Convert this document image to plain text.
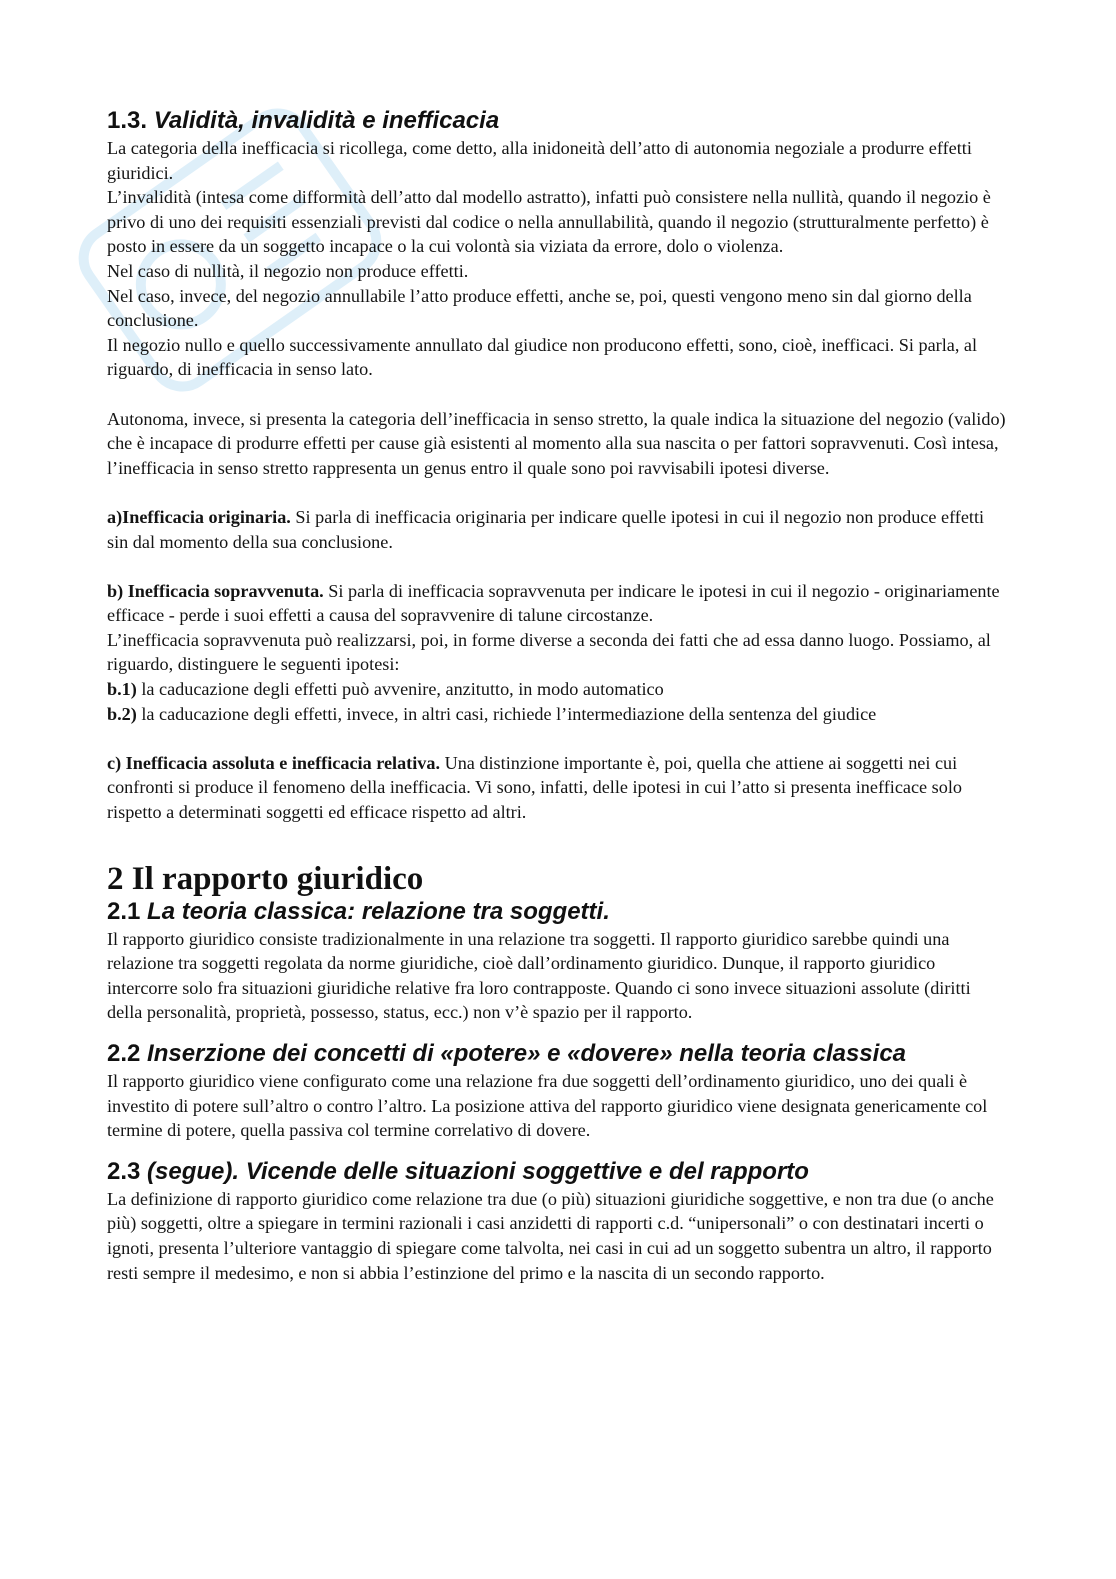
1.3. Validità, invalidità e inefficacia

La categoria della inefficacia si ricollega, come detto, alla inidoneità dell’atto di autonomia negoziale a produrre effetti giuridici.

L’invalidità (intesa come difformità dell’atto dal modello astratto), infatti può consistere nella nullità, quando il negozio è privo di uno dei requisiti essenziali previsti dal codice o nella annullabilità, quando il negozio (strutturalmente perfetto) è posto in essere da un soggetto incapace o la cui volontà sia viziata da errore, dolo o violenza.

Nel caso di nullità, il negozio non produce effetti.

Nel caso, invece, del negozio annullabile l’atto produce effetti, anche se, poi, questi vengono meno sin dal giorno della conclusione.

Il negozio nullo e quello successivamente annullato dal giudice non producono effetti, sono, cioè, inefficaci. Si parla, al riguardo, di inefficacia in senso lato.

Autonoma, invece, si presenta la categoria dell’inefficacia in senso stretto, la quale indica la situazione del negozio (valido) che è incapace di produrre effetti per cause già esistenti al momento alla sua nascita o per fattori sopravvenuti. Così intesa, l’inefficacia in senso stretto rappresenta un genus entro il quale sono poi ravvisabili ipotesi diverse.

a)Inefficacia originaria. Si parla di inefficacia originaria per indicare quelle ipotesi in cui il negozio non produce effetti sin dal momento della sua conclusione.

b) Inefficacia sopravvenuta. Si parla di inefficacia sopravvenuta per indicare le ipotesi in cui il negozio - originariamente efficace - perde i suoi effetti a causa del sopravvenire di talune circostanze.

L’inefficacia sopravvenuta può realizzarsi, poi, in forme diverse a seconda dei fatti che ad essa danno luogo. Possiamo, al riguardo, distinguere le seguenti ipotesi:

b.1) la caducazione degli effetti può avvenire, anzitutto, in modo automatico

b.2) la caducazione degli effetti, invece, in altri casi, richiede l’intermediazione della sentenza del giudice

c) Inefficacia assoluta e inefficacia relativa. Una distinzione importante è, poi, quella che attiene ai soggetti nei cui confronti si produce il fenomeno della inefficacia. Vi sono, infatti, delle ipotesi in cui l’atto si presenta inefficace solo rispetto a determinati soggetti ed efficace rispetto ad altri.

2 Il rapporto giuridico
2.1 La teoria classica: relazione tra soggetti.

Il rapporto giuridico consiste tradizionalmente in una relazione tra soggetti. Il rapporto giuridico sarebbe quindi una relazione tra soggetti regolata da norme giuridiche, cioè dall’ordinamento giuridico. Dunque, il rapporto giuridico intercorre solo fra situazioni giuridiche relative fra loro contrapposte. Quando ci sono invece situazioni assolute (diritti della personalità, proprietà, possesso, status, ecc.) non v’è spazio per il rapporto.

2.2 Inserzione dei concetti di «potere» e «dovere» nella teoria classica

Il rapporto giuridico viene configurato come una relazione fra due soggetti dell’ordinamento giuridico, uno dei quali è investito di potere sull’altro o contro l’altro. La posizione attiva del rapporto giuridico viene designata genericamente col termine di potere, quella passiva col termine correlativo di dovere.

2.3 (segue). Vicende delle situazioni soggettive e del rapporto

La definizione di rapporto giuridico come relazione tra due (o più) situazioni giuridiche soggettive, e non tra due (o anche più) soggetti, oltre a spiegare in termini razionali i casi anzidetti di rapporti c.d. “unipersonali” o con destinatari incerti o ignoti, presenta l’ulteriore vantaggio di spiegare come talvolta, nei casi in cui ad un soggetto subentra un altro, il rapporto resti sempre il medesimo, e non si abbia l’estinzione del primo e la nascita di un secondo rapporto.
